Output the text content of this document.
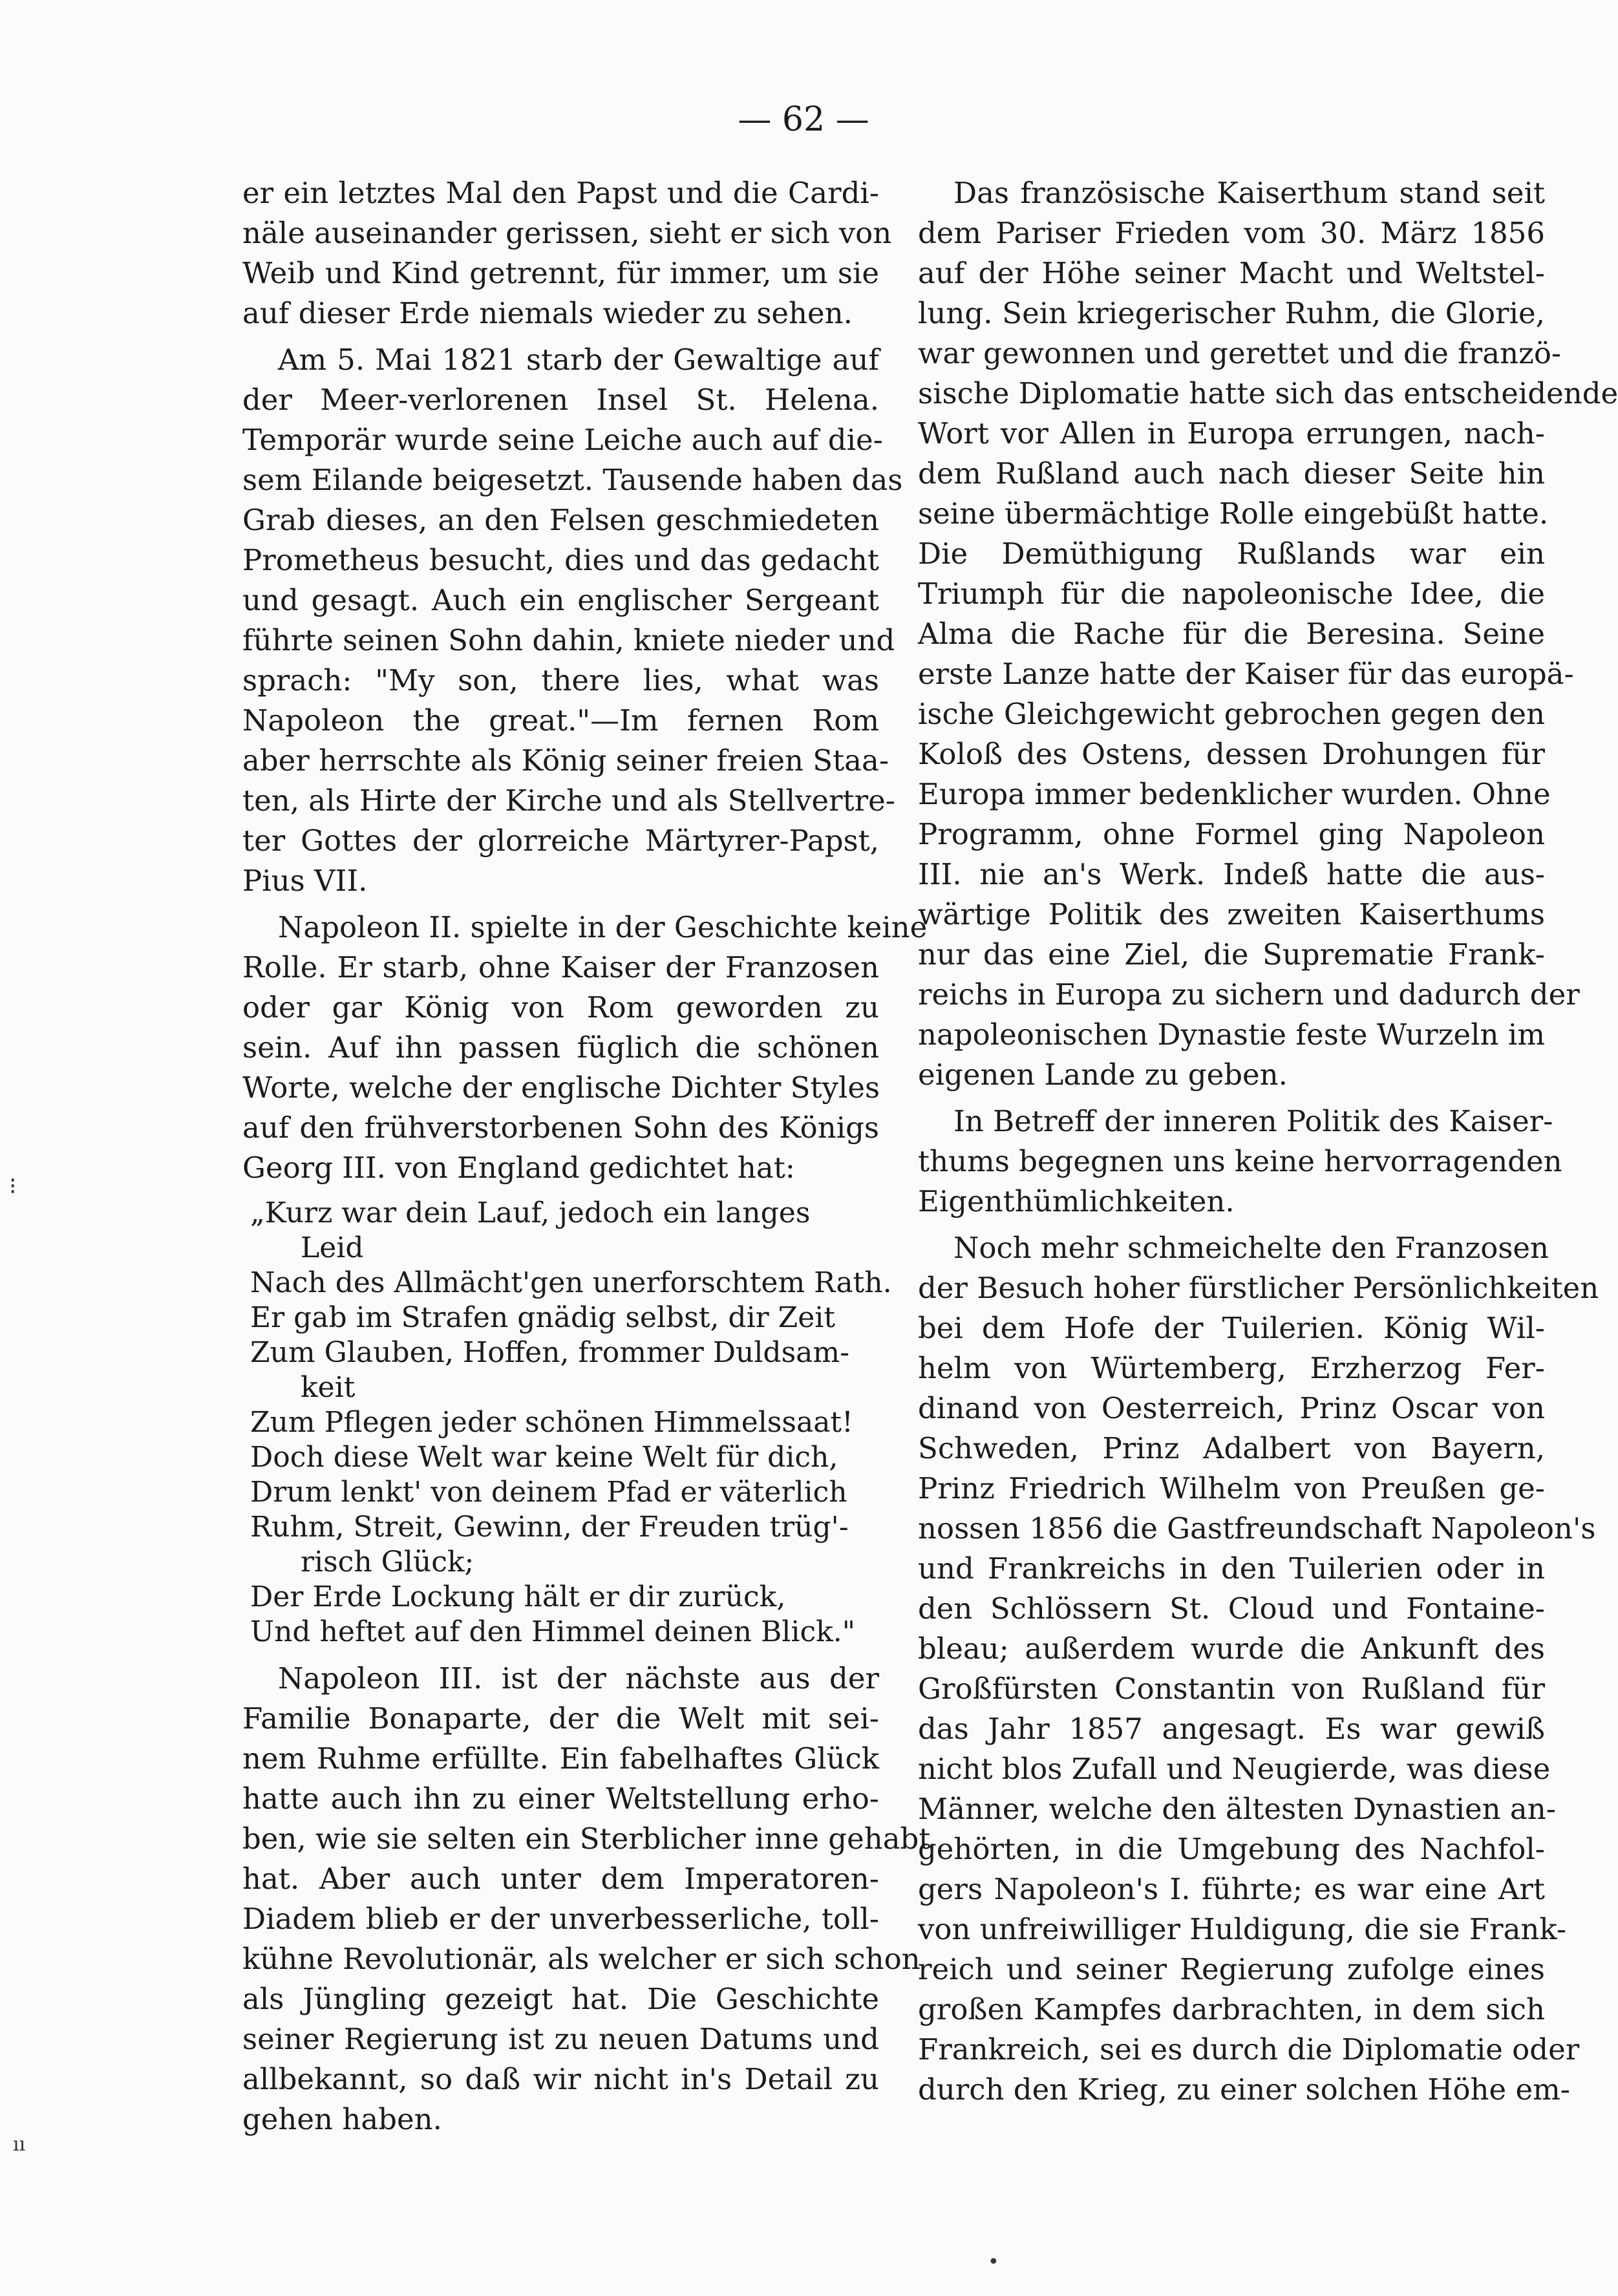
— 62 —
er ein letztes Mal den Papst und die Cardi-
näle auseinander gerissen, sieht er sich von
Weib und Kind getrennt, für immer, um sie
auf dieser Erde niemals wieder zu sehen.
Am 5. Mai 1821 starb der Gewaltige auf
der Meer-verlorenen Insel St. Helena.
Temporär wurde seine Leiche auch auf die-
sem Eilande beigesetzt. Tausende haben das
Grab dieses, an den Felsen geschmiedeten
Prometheus besucht, dies und das gedacht
und gesagt. Auch ein englischer Sergeant
führte seinen Sohn dahin, kniete nieder und
sprach: "My son, there lies, what was
Napoleon the great."—Im fernen Rom
aber herrschte als König seiner freien Staa-
ten, als Hirte der Kirche und als Stellvertre-
ter Gottes der glorreiche Märtyrer-Papst,
Pius VII.
Napoleon II. spielte in der Geschichte keine
Rolle. Er starb, ohne Kaiser der Franzosen
oder gar König von Rom geworden zu
sein. Auf ihn passen füglich die schönen
Worte, welche der englische Dichter Styles
auf den frühverstorbenen Sohn des Königs
Georg III. von England gedichtet hat:
„Kurz war dein Lauf, jedoch ein langes
Leid
Nach des Allmächt'gen unerforschtem Rath.
Er gab im Strafen gnädig selbst, dir Zeit
Zum Glauben, Hoffen, frommer Duldsam-
keit
Zum Pflegen jeder schönen Himmelssaat!
Doch diese Welt war keine Welt für dich,
Drum lenkt' von deinem Pfad er väterlich
Ruhm, Streit, Gewinn, der Freuden trüg'-
risch Glück;
Der Erde Lockung hält er dir zurück,
Und heftet auf den Himmel deinen Blick."
Napoleon III. ist der nächste aus der
Familie Bonaparte, der die Welt mit sei-
nem Ruhme erfüllte. Ein fabelhaftes Glück
hatte auch ihn zu einer Weltstellung erho-
ben, wie sie selten ein Sterblicher inne gehabt
hat. Aber auch unter dem Imperatoren-
Diadem blieb er der unverbesserliche, toll-
kühne Revolutionär, als welcher er sich schon
als Jüngling gezeigt hat. Die Geschichte
seiner Regierung ist zu neuen Datums und
allbekannt, so daß wir nicht in's Detail zu
gehen haben.
Das französische Kaiserthum stand seit
dem Pariser Frieden vom 30. März 1856
auf der Höhe seiner Macht und Weltstel-
lung. Sein kriegerischer Ruhm, die Glorie,
war gewonnen und gerettet und die franzö-
sische Diplomatie hatte sich das entscheidende
Wort vor Allen in Europa errungen, nach-
dem Rußland auch nach dieser Seite hin
seine übermächtige Rolle eingebüßt hatte.
Die Demüthigung Rußlands war ein
Triumph für die napoleonische Idee, die
Alma die Rache für die Beresina. Seine
erste Lanze hatte der Kaiser für das europä-
ische Gleichgewicht gebrochen gegen den
Koloß des Ostens, dessen Drohungen für
Europa immer bedenklicher wurden. Ohne
Programm, ohne Formel ging Napoleon
III. nie an's Werk. Indeß hatte die aus-
wärtige Politik des zweiten Kaiserthums
nur das eine Ziel, die Suprematie Frank-
reichs in Europa zu sichern und dadurch der
napoleonischen Dynastie feste Wurzeln im
eigenen Lande zu geben.
In Betreff der inneren Politik des Kaiser-
thums begegnen uns keine hervorragenden
Eigenthümlichkeiten.
Noch mehr schmeichelte den Franzosen
der Besuch hoher fürstlicher Persönlichkeiten
bei dem Hofe der Tuilerien. König Wil-
helm von Würtemberg, Erzherzog Fer-
dinand von Oesterreich, Prinz Oscar von
Schweden, Prinz Adalbert von Bayern,
Prinz Friedrich Wilhelm von Preußen ge-
nossen 1856 die Gastfreundschaft Napoleon's
und Frankreichs in den Tuilerien oder in
den Schlössern St. Cloud und Fontaine-
bleau; außerdem wurde die Ankunft des
Großfürsten Constantin von Rußland für
das Jahr 1857 angesagt. Es war gewiß
nicht blos Zufall und Neugierde, was diese
Männer, welche den ältesten Dynastien an-
gehörten, in die Umgebung des Nachfol-
gers Napoleon's I. führte; es war eine Art
von unfreiwilliger Huldigung, die sie Frank-
reich und seiner Regierung zufolge eines
großen Kampfes darbrachten, in dem sich
Frankreich, sei es durch die Diplomatie oder
durch den Krieg, zu einer solchen Höhe em-
⁝
ıı
•
